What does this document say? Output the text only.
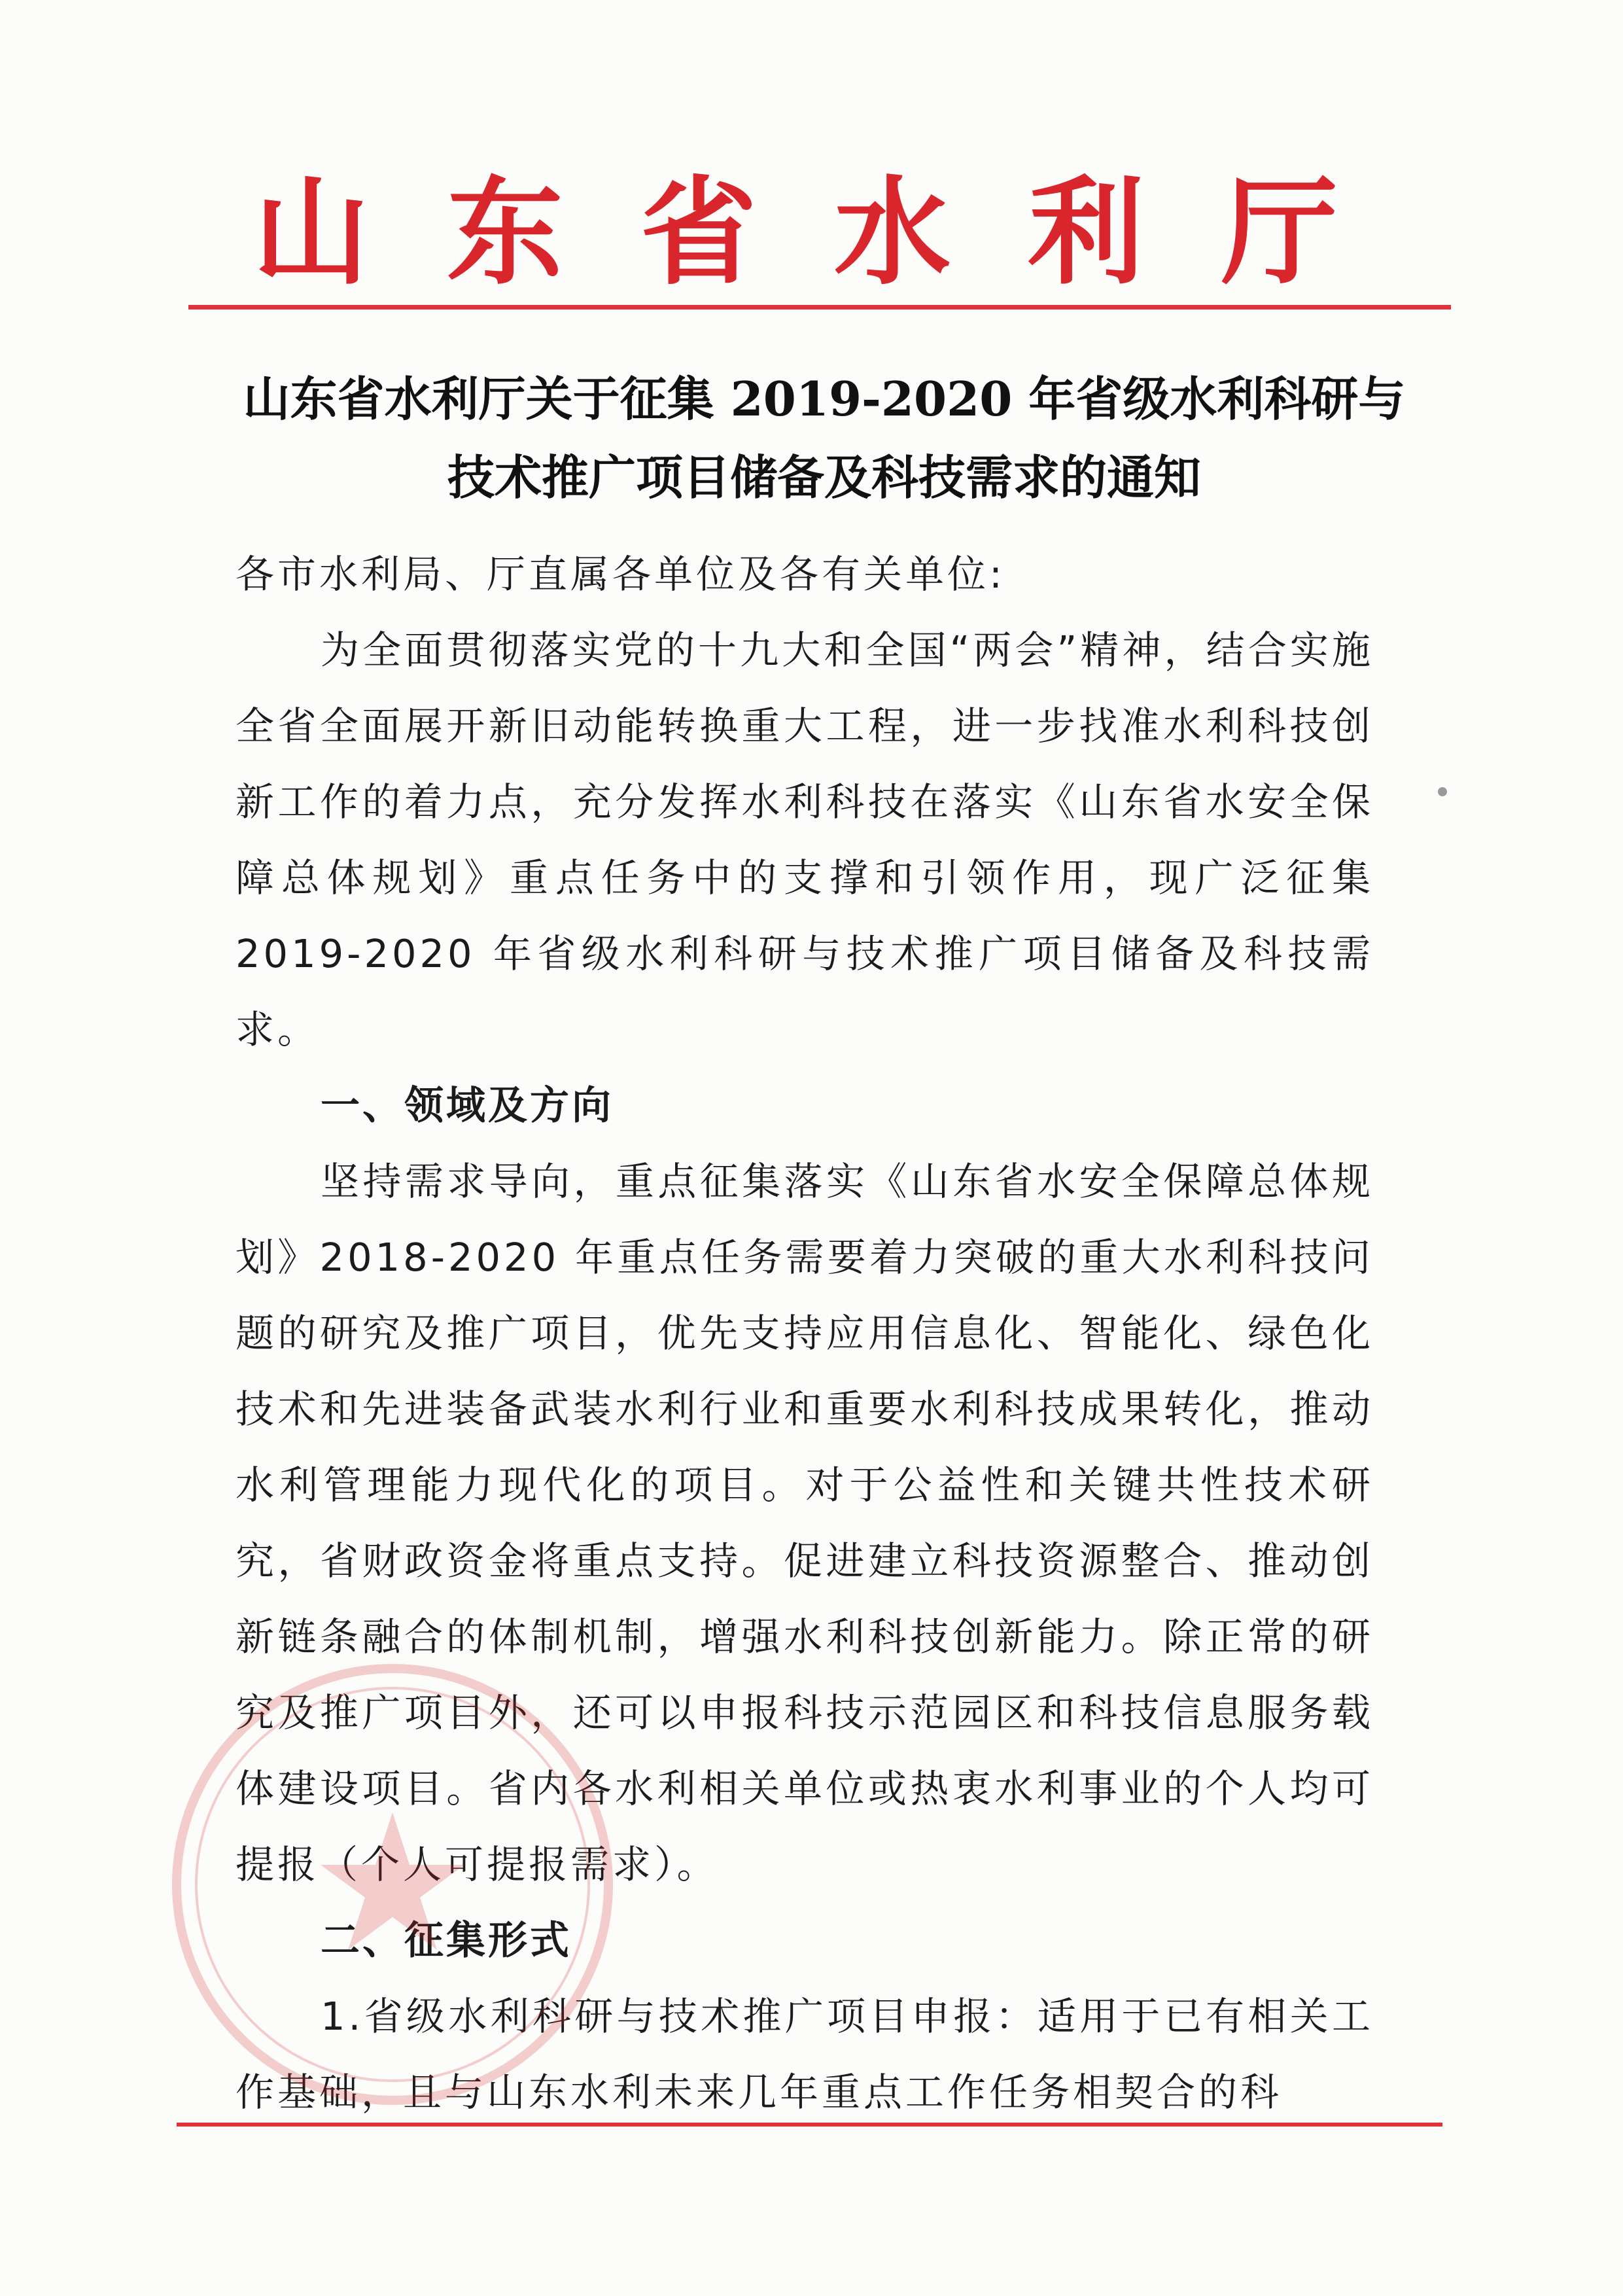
山东省水利厅
山东省水利厅关于征集 2019-2020 年省级水利科研与
技术推广项目储备及科技需求的通知

各市水利局、厅直属各单位及各有关单位:

为全面贯彻落实党的十九大和全国“两会”精神，结合实施全省全面展开新旧动能转换重大工程，进一步找准水利科技创新工作的着力点，充分发挥水利科技在落实《山东省水安全保障总体规划》重点任务中的支撑和引领作用，现广泛征集 2019-2020 年省级水利科研与技术推广项目储备及科技需求。

一、领域及方向

坚持需求导向，重点征集落实《山东省水安全保障总体规划》2018-2020 年重点任务需要着力突破的重大水利科技问题的研究及推广项目，优先支持应用信息化、智能化、绿色化技术和先进装备武装水利行业和重要水利科技成果转化，推动水利管理能力现代化的项目。对于公益性和关键共性技术研究，省财政资金将重点支持。促进建立科技资源整合、推动创新链条融合的体制机制，增强水利科技创新能力。除正常的研究及推广项目外，还可以申报科技示范园区和科技信息服务载体建设项目。省内各水利相关单位或热衷水利事业的个人均可提报（个人可提报需求）。

二、征集形式

1.省级水利科研与技术推广项目申报：适用于已有相关工作基础，且与山东水利未来几年重点工作任务相契合的科
